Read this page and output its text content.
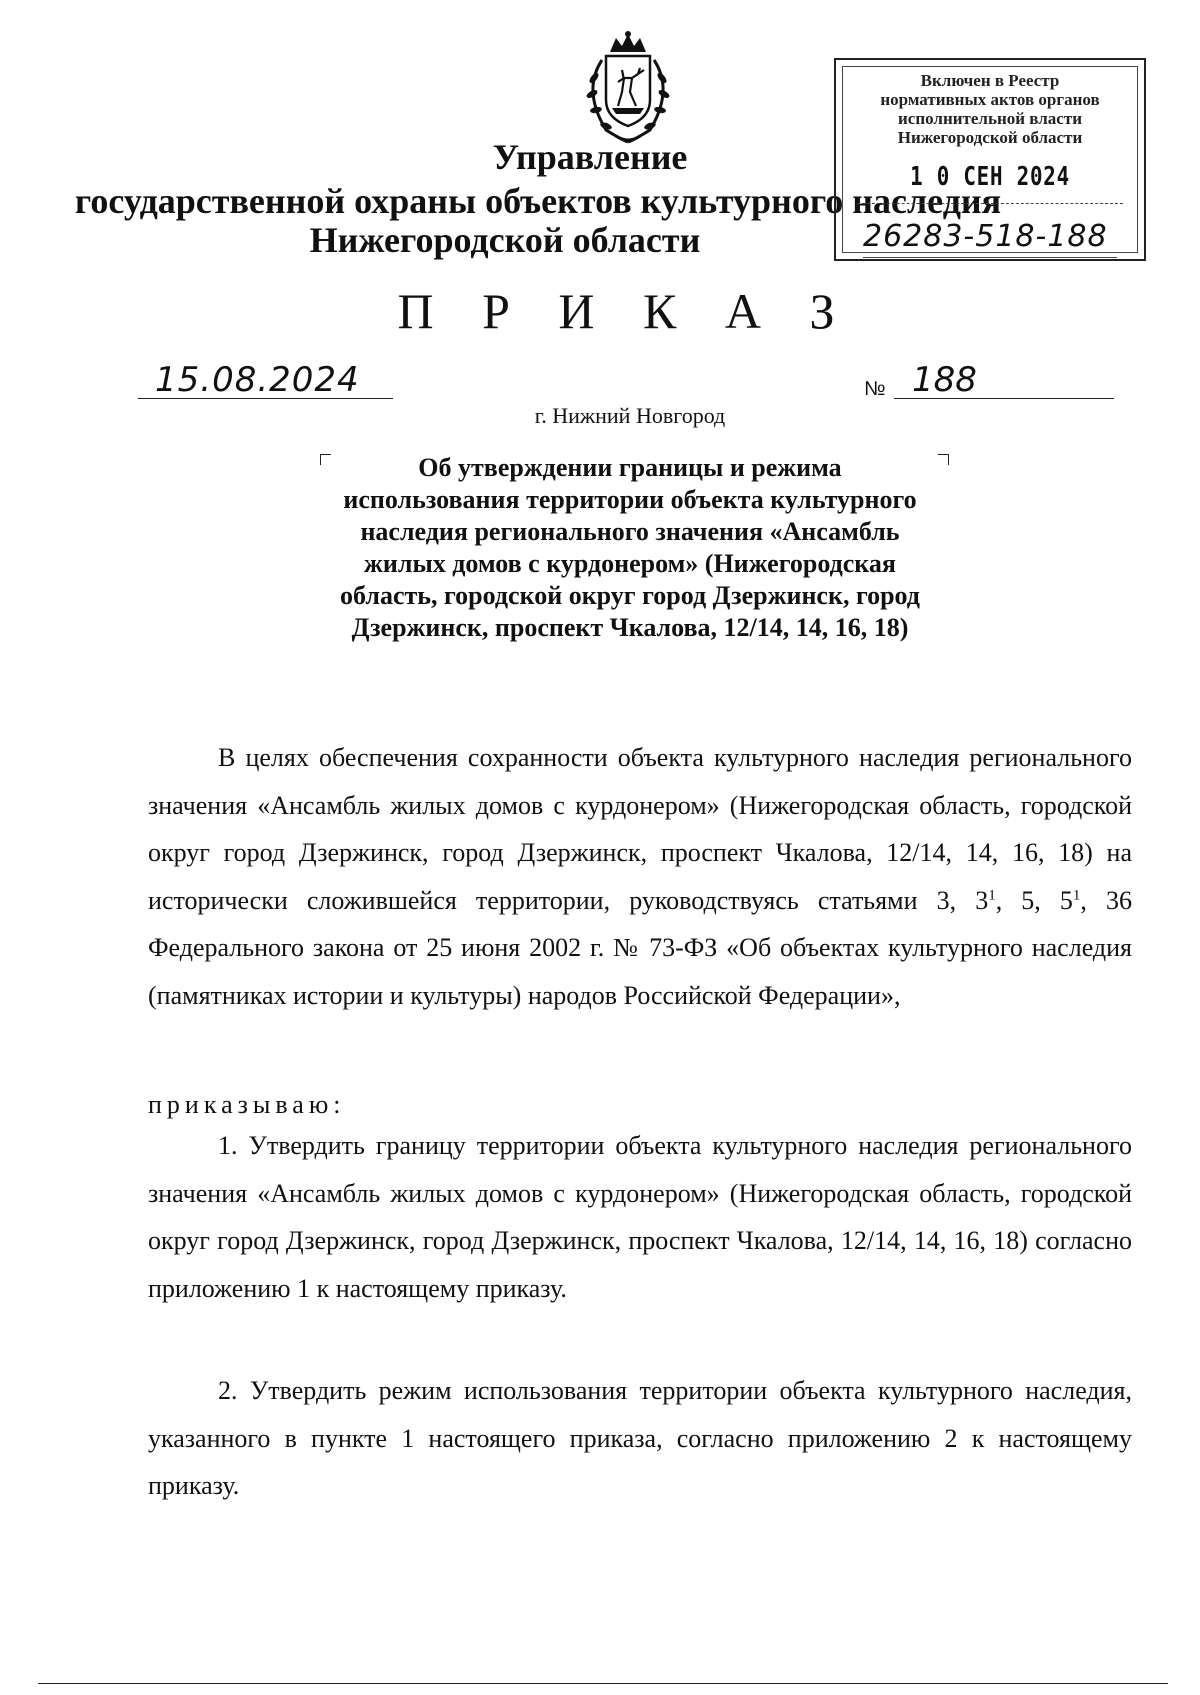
Управление
государственной охраны объектов культурного наследия
Нижегородской области
Включен в Реестр
нормативных актов органов
исполнительной власти
Нижегородской области
1 0 СЕН 2024
26283-518-188
П Р И К А З
15.08.2024	№ 188
г. Нижний Новгород
Об утверждении границы и режима использования территории объекта культурного наследия регионального значения «Ансамбль жилых домов с курдонером» (Нижегородская область, городской округ город Дзержинск, город Дзержинск, проспект Чкалова, 12/14, 14, 16, 18)
В целях обеспечения сохранности объекта культурного наследия регионального значения «Ансамбль жилых домов с курдонером» (Нижегородская область, городской округ город Дзержинск, город Дзержинск, проспект Чкалова, 12/14, 14, 16, 18) на исторически сложившейся территории, руководствуясь статьями 3, $3^1$, 5, $5^1$, 36 Федерального закона от 25 июня 2002 г. № 73-ФЗ «Об объектах культурного наследия (памятниках истории и культуры) народов Российской Федерации»,
приказываю:
1. Утвердить границу территории объекта культурного наследия регионального значения «Ансамбль жилых домов с курдонером» (Нижегородская область, городской округ город Дзержинск, город Дзержинск, проспект Чкалова, 12/14, 14, 16, 18) согласно приложению 1 к настоящему приказу.
2. Утвердить режим использования территории объекта культурного наследия, указанного в пункте 1 настоящего приказа, согласно приложению 2 к настоящему приказу.
